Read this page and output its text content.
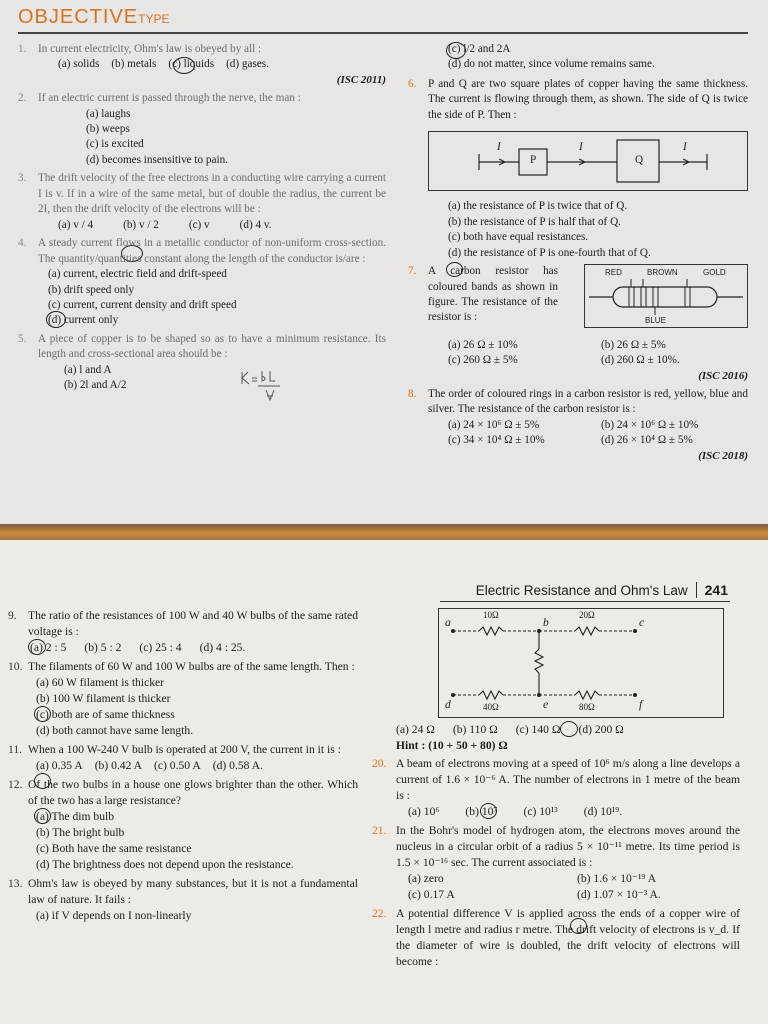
OBJECTIVETYPE
1.	In current electricity, Ohm's law is obeyed by all :
(a) solids (b) metals (c) liquids (d) gases.
(ISC 2011)
2.	If an electric current is passed through the nerve, the man :
(a) laughs
(b) weeps
(c) is excited
(d) becomes insensitive to pain.
3.	The drift velocity of the free electrons in a conducting wire carrying a current I is v. If in a wire of the same metal, but of double the radius, the current be 2I, then the drift velocity of the electrons will be :
(a) v / 4	(b) v / 2	(c) v	(d) 4 v.
4.	A steady current flows in a metallic conductor of non-uniform cross-section. The quantity/quantities constant along the length of the conductor is/are :
(a) current, electric field and drift-speed
(b) drift speed only
(c) current, current density and drift speed
(d) current only
5.	A piece of copper is to be shaped so as to have a minimum resistance. Its length and cross-sectional area should be :
(a) l and A
(b) 2l and A/2
(c) l/2 and 2A
(d) do not matter, since volume remains same.
6.	P and Q are two square plates of copper having the same thickness. The current is flowing through them, as shown. The side of Q is twice the side of P. Then :
P	Q
I	I	I
(a) the resistance of P is twice that of Q.
(b) the resistance of P is half that of Q.
(c) both have equal resistances.
(d) the resistance of P is one-fourth that of Q.
7.	A carbon resistor has coloured bands as shown in figure. The resistance of the resistor is :
RED	BROWN	GOLD
BLUE
(a) 26 Ω ± 10%	(b) 26 Ω ± 5%
(c) 260 Ω ± 5%	(d) 260 Ω ± 10%.
(ISC 2016)
8.	The order of coloured rings in a carbon resistor is red, yellow, blue and silver. The resistance of the carbon resistor is :
(a) 24 × 10⁶ Ω ± 5%	(b) 24 × 10⁶ Ω ± 10%
(c) 34 × 10⁴ Ω ± 10%	(d) 26 × 10⁴ Ω ± 5%
(ISC 2018)
Electric Resistance and Ohm's Law 241
9. The ratio of the resistances of 100 W and 40 W bulbs of the same rated voltage is :
(a) 2 : 5 (b) 5 : 2 (c) 25 : 4 (d) 4 : 25.
10. The filaments of 60 W and 100 W bulbs are of the same length. Then :
(a) 60 W filament is thicker
(b) 100 W filament is thicker
(c) both are of same thickness
(d) both cannot have same length.
11. When a 100 W-240 V bulb is operated at 200 V, the current in it is :
(a) 0.35 A (b) 0.42 A (c) 0.50 A (d) 0.58 A.
12. Of the two bulbs in a house one glows brighter than the other. Which of the two has a large resistance?
(a) The dim bulb
(b) The bright bulb
(c) Both have the same resistance
(d) The brightness does not depend upon the resistance.
13. Ohm's law is obeyed by many substances, but it is not a fundamental law of nature. It fails :
(a) if V depends on I non-linearly
a	b	c
d	e	f
10Ω	20Ω
40Ω	80Ω
(a) 24 Ω (b) 110 Ω (c) 140 Ω (d) 200 Ω
Hint : (10 + 50 + 80) Ω
20. A beam of electrons moving at a speed of 10⁶ m/s along a line develops a current of 1.6 × 10⁻⁶ A. The number of electrons in 1 metre of the beam is :
(a) 10⁶ (b) 10⁷ (c) 10¹³ (d) 10¹⁹.
21. In the Bohr's model of hydrogen atom, the electrons moves around the nucleus in a circular orbit of a radius 5 × 10⁻¹¹ metre. Its time period is 1.5 × 10⁻¹⁶ sec. The current associated is :
(a) zero	(b) 1.6 × 10⁻¹⁹ A
(c) 0.17 A	(d) 1.07 × 10⁻³ A.
22. A potential difference V is applied across the ends of a copper wire of length l metre and radius r metre. The drift velocity of electrons is v_d. If the diameter of wire is doubled, the drift velocity of electrons will become :
